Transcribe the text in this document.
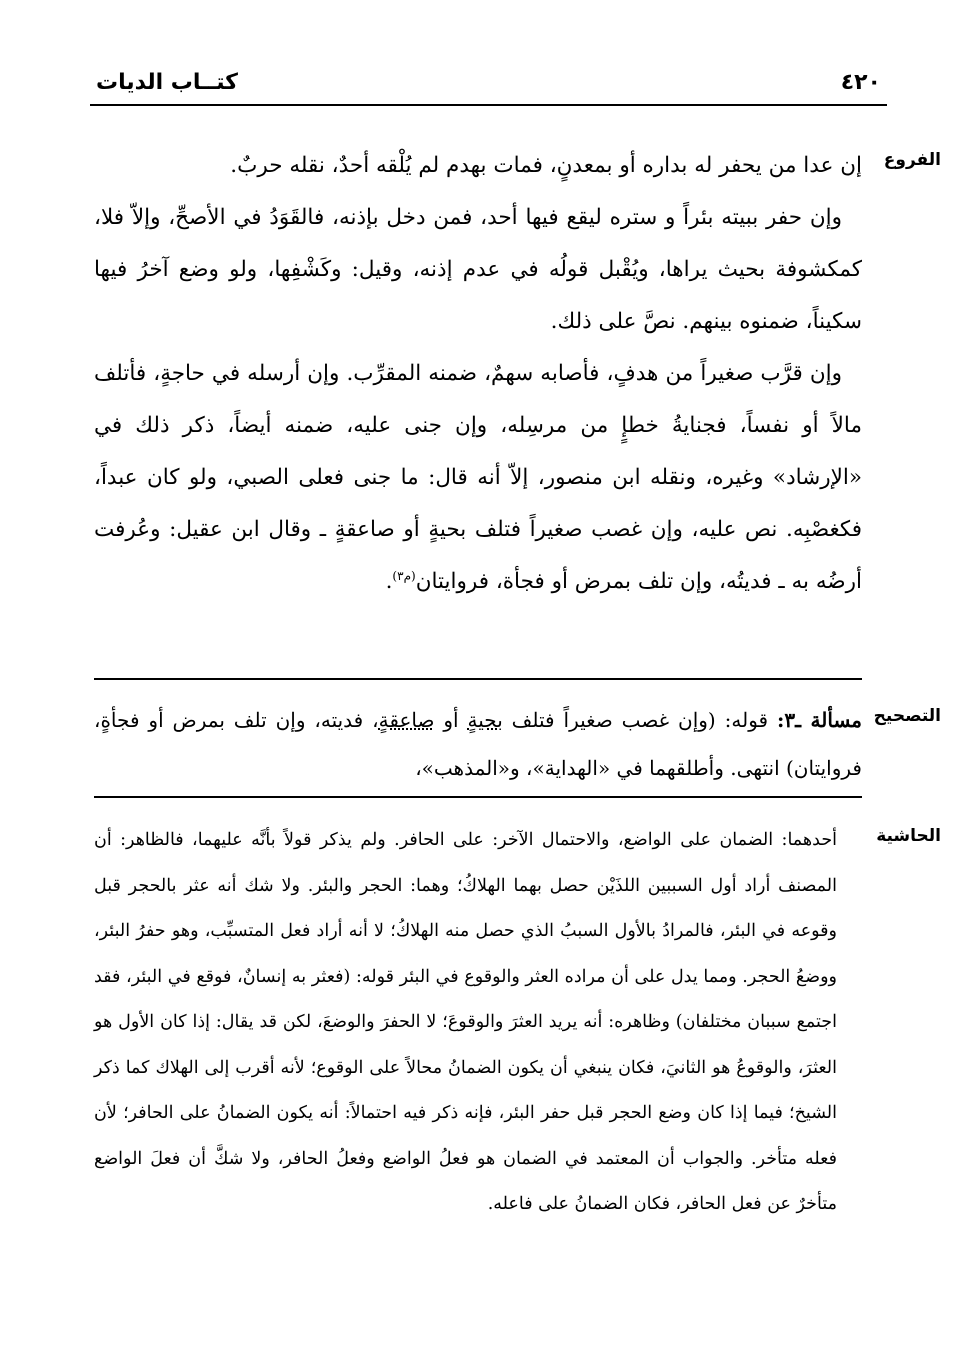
٤٢٠
كتــاب الديات
الفروع

إن عدا من يحفر له بداره أو بمعدنٍ، فمات بهدم لم يُلْقه أحدٌ، نقله حربٌ.

وإن حفر ببيته بئراً و ستره ليقع فيها أحد، فمن دخل بإذنه، فالقَوَدُ في الأصحِّ، وإلاّ فلا، كمكشوفة بحيث يراها، ويُقْبل قولُه في عدم إذنه، وقيل: وكَشْفِها، ولو وضع آخرُ فيها سكيناً، ضمنوه بينهم. نصَّ على ذلك.

وإن قرَّب صغيراً من هدفٍ، فأصابه سهمٌ، ضمنه المقرِّب. وإن أرسله في حاجةٍ، فأتلف مالاً أو نفساً، فجنايةُ خطإٍ من مرسِله، وإن جنى عليه، ضمنه أيضاً، ذكر ذلك في «الإرشاد» وغيره، ونقله ابن منصور، إلاّ أنه قال: ما جنى فعلى الصبي، ولو كان عبداً، فكغصْبِه. نص عليه، وإن غصب صغيراً فتلف بحيةٍ أو صاعقةٍ ـ وقال ابن عقيل: وعُرفت أرضُه به ـ فديتُه، وإن تلف بمرض أو فجأة، فروايتان$^{(م٣)}$.

التصحيح
مسألة ـ٣: قوله: (وإن غصب صغيراً فتلف بحيةٍ أو صاعقةٍ، فديته، وإن تلف بمرض أو فجأةٍ، فروايتان) انتهى. وأطلقهما في «الهداية»، و«المذهب»،
الحاشية

أحدهما: الضمان على الواضع، والاحتمال الآخر: على الحافر. ولم يذكر قولاً بأنَّه عليهما، فالظاهر: أن المصنف أراد أول السببين اللذَيْن حصل بهما الهلاكُ؛ وهما: الحجر والبئر. ولا شك أنه عثر بالحجر قبل وقوعه في البئر، فالمرادُ بالأول السببُ الذي حصل منه الهلاكُ؛ لا أنه أراد فعل المتسبِّب، وهو حفرُ البئر، ووضعُ الحجر. ومما يدل على أن مراده العثر والوقوع في البئر قوله: (فعثر به إنسانٌ، فوقع في البئر، فقد اجتمع سببان مختلفان) وظاهره: أنه يريد العثرَ والوقوعَ؛ لا الحفرَ والوضعَ، لكن قد يقال: إذا كان الأول هو العثرَ، والوقوعُ هو الثانيَ، فكان ينبغي أن يكون الضمانُ محالاً على الوقوع؛ لأنه أقرب إلى الهلاك كما ذكر الشيخ؛ فيما إذا كان وضع الحجر قبل حفر البئر، فإنه ذكر فيه احتمالاً: أنه يكون الضمانُ على الحافر؛ لأن فعله متأخر. والجواب أن المعتمد في الضمان هو فعلُ الواضع وفعلُ الحافر، ولا شكَّ أن فعلَ الواضع متأخرٌ عن فعل الحافر، فكان الضمانُ على فاعله.
